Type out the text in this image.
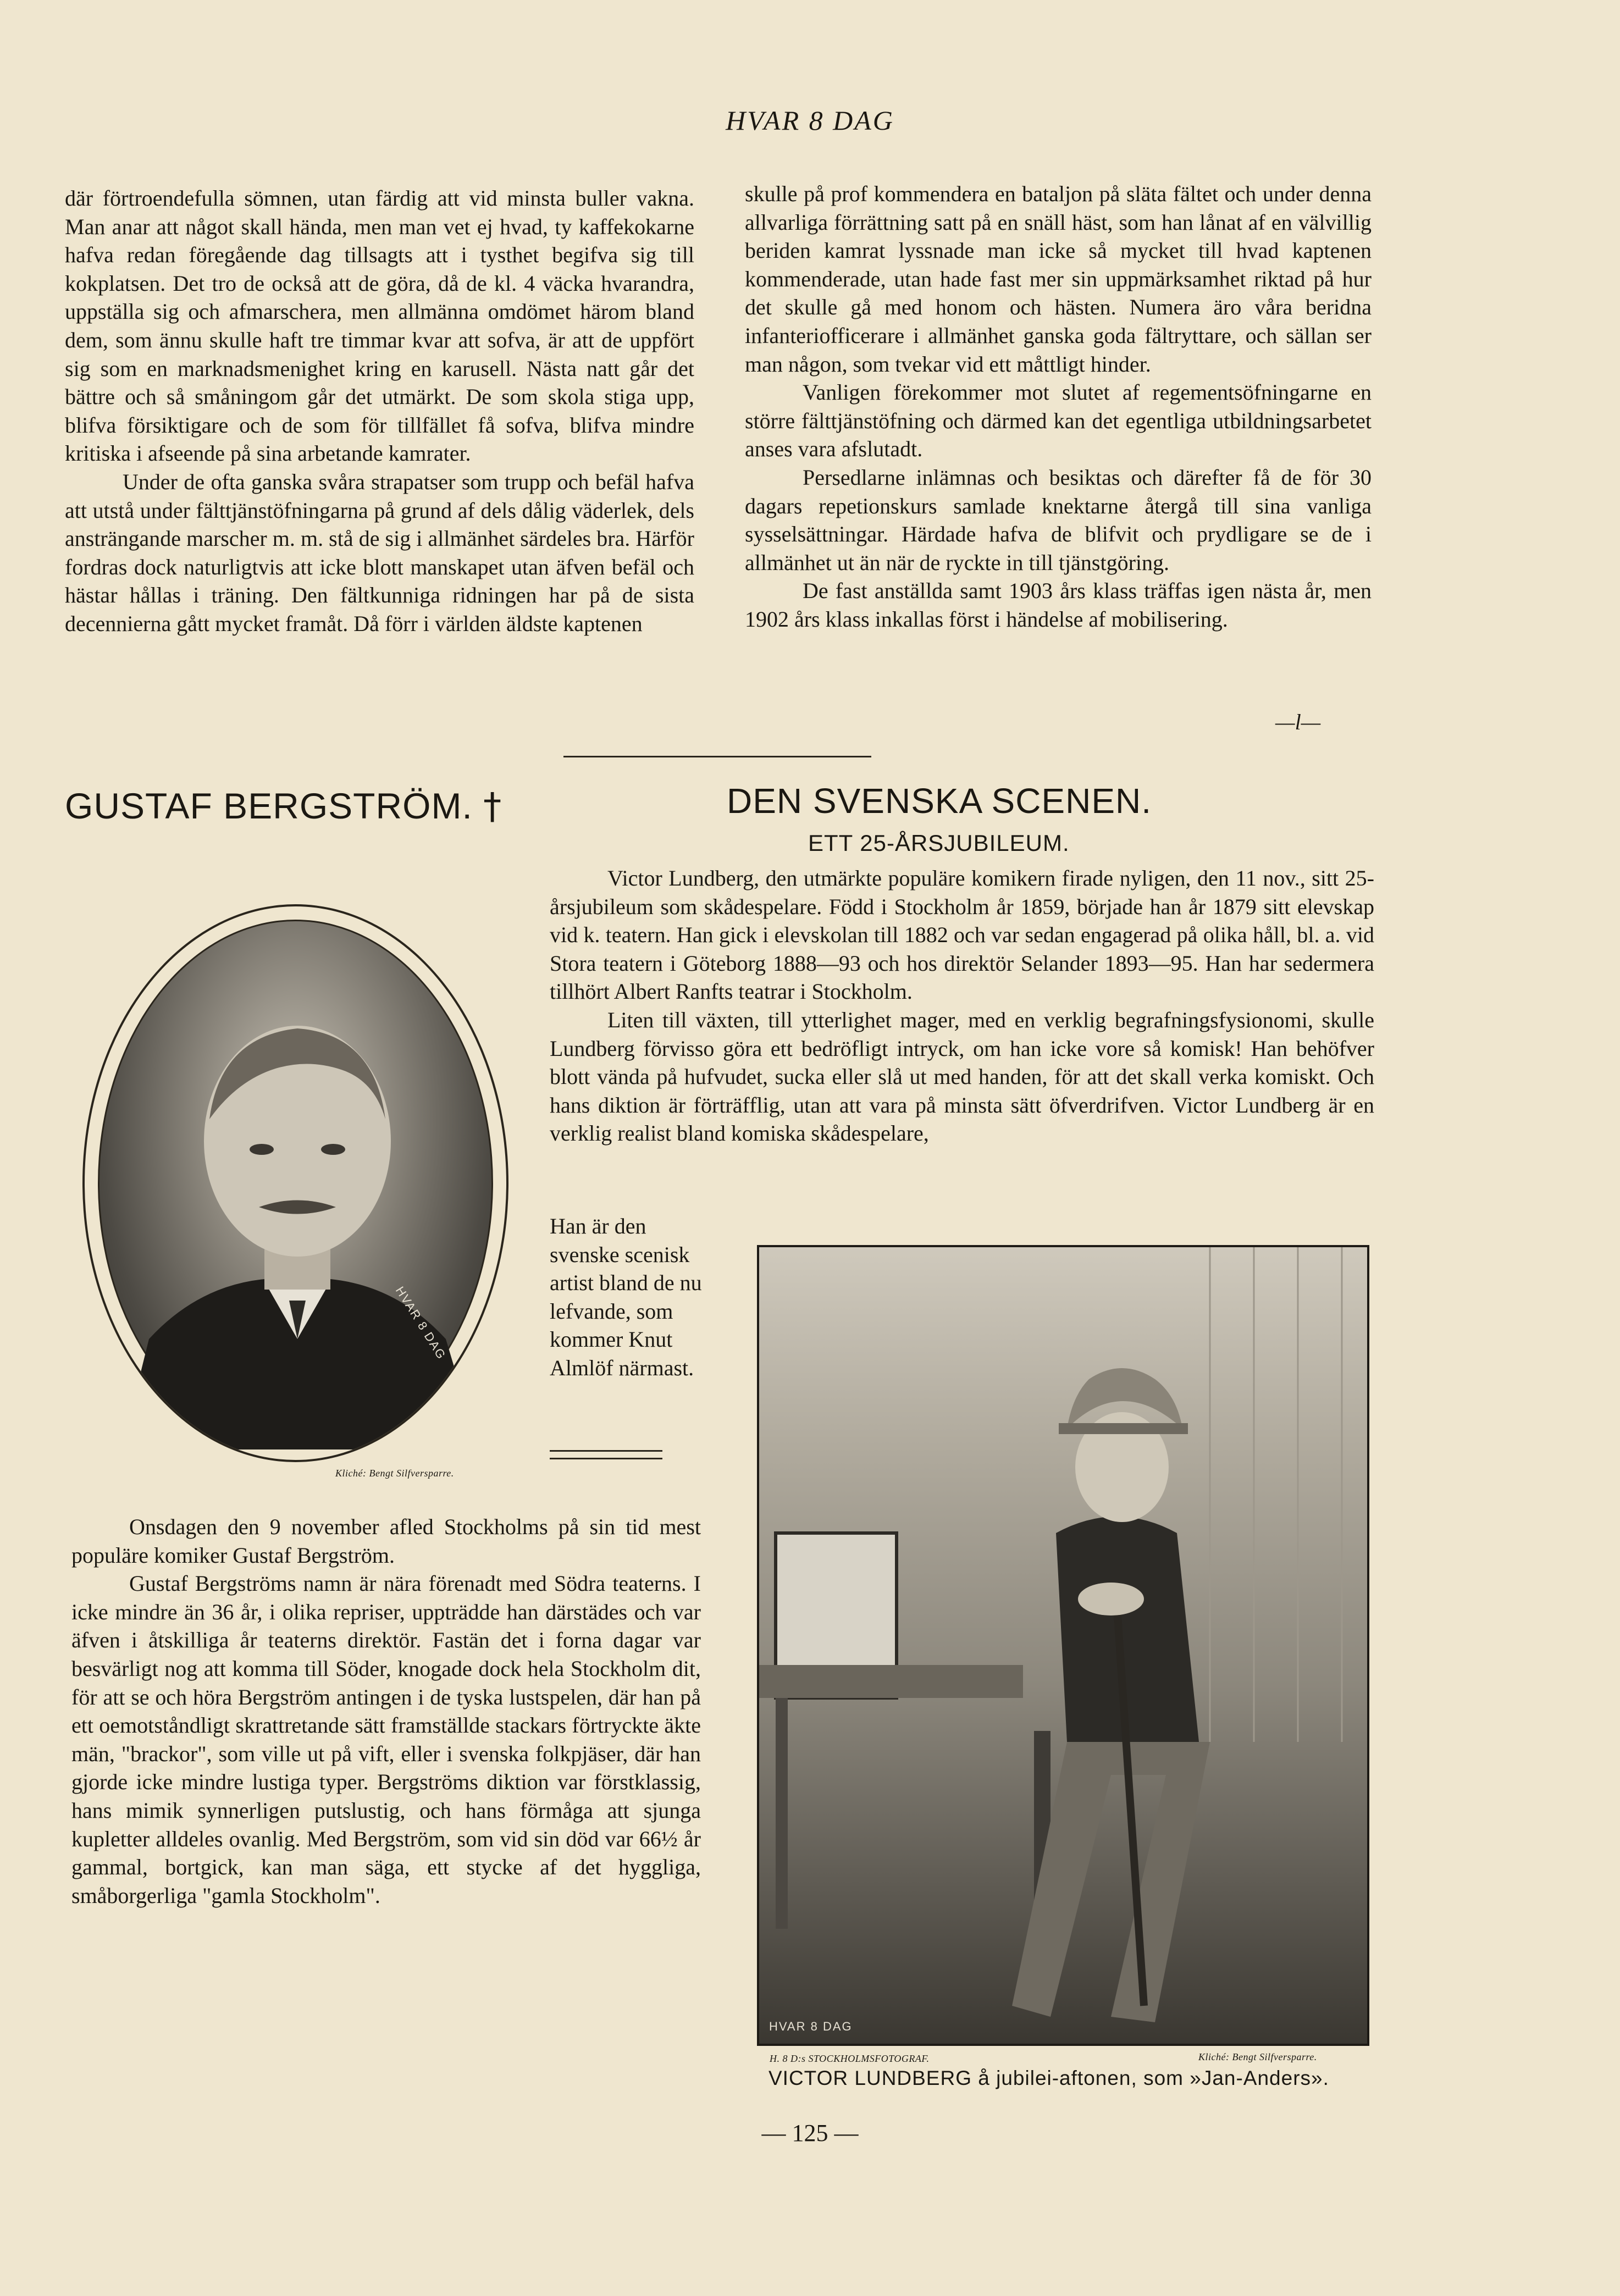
HVAR 8 DAG

där förtroendefulla sömnen, utan färdig att vid minsta buller vakna. Man anar att något skall hända, men man vet ej hvad, ty kaffekokarne hafva redan föregående dag tillsagts att i tysthet begifva sig till kokplatsen. Det tro de också att de göra, då de kl. 4 väcka hvarandra, uppställa sig och afmarschera, men allmänna omdömet härom bland dem, som ännu skulle haft tre timmar kvar att sofva, är att de uppfört sig som en marknadsmenighet kring en karusell. Nästa natt går det bättre och så småningom går det utmärkt. De som skola stiga upp, blifva försiktigare och de som för tillfället få sofva, blifva mindre kritiska i afseende på sina arbetande kamrater.

Under de ofta ganska svåra strapatser som trupp och befäl hafva att utstå under fälttjänstöfningarna på grund af dels dålig väderlek, dels ansträngande marscher m. m. stå de sig i allmänhet särdeles bra. Härför fordras dock naturligtvis att icke blott manskapet utan äfven befäl och hästar hållas i träning. Den fältkunniga ridningen har på de sista decennierna gått mycket framåt. Då förr i världen äldste kaptenen

skulle på prof kommendera en bataljon på släta fältet och under denna allvarliga förrättning satt på en snäll häst, som han lånat af en välvillig beriden kamrat lyssnade man icke så mycket till hvad kaptenen kommenderade, utan hade fast mer sin uppmärksamhet riktad på hur det skulle gå med honom och hästen. Numera äro våra beridna infanteriofficerare i allmänhet ganska goda fältryttare, och sällan ser man någon, som tvekar vid ett måttligt hinder.

Vanligen förekommer mot slutet af regementsöfningarne en större fälttjänstöfning och därmed kan det egentliga utbildningsarbetet anses vara afslutadt.

Persedlarne inlämnas och besiktas och därefter få de för 30 dagars repetionskurs samlade knektarne återgå till sina vanliga sysselsättningar. Härdade hafva de blifvit och prydligare se de i allmänhet ut än när de ryckte in till tjänstgöring.

De fast anställda samt 1903 års klass träffas igen nästa år, men 1902 års klass inkallas först i händelse af mobilisering.

—l—
GUSTAF BERGSTRÖM. †
HVAR 8 DAG
Kliché: Bengt Silfversparre.

Onsdagen den 9 november afled Stockholms på sin tid mest populäre komiker Gustaf Bergström.

Gustaf Bergströms namn är nära förenadt med Södra teaterns. I icke mindre än 36 år, i olika repriser, uppträdde han därstädes och var äfven i åtskilliga år teaterns direktör. Fastän det i forna dagar var besvärligt nog att komma till Söder, knogade dock hela Stockholm dit, för att se och höra Bergström antingen i de tyska lustspelen, där han på ett oemotståndligt skrattretande sätt framställde stackars förtryckte äkte män, "brackor", som ville ut på vift, eller i svenska folkpjäser, där han gjorde icke mindre lustiga typer. Bergströms diktion var förstklassig, hans mimik synnerligen putslustig, och hans förmåga att sjunga kupletter alldeles ovanlig. Med Bergström, som vid sin död var 66½ år gammal, bortgick, kan man säga, ett stycke af det hyggliga, småborgerliga "gamla Stockholm".

DEN SVENSKA SCENEN.
ETT 25-ÅRSJUBILEUM.

Victor Lundberg, den utmärkte populäre komikern firade nyligen, den 11 nov., sitt 25-årsjubileum som skådespelare. Född i Stockholm år 1859, började han år 1879 sitt elevskap vid k. teatern. Han gick i elevskolan till 1882 och var sedan engagerad på olika håll, bl. a. vid Stora teatern i Göteborg 1888—93 och hos direktör Selander 1893—95. Han har sedermera tillhört Albert Ranfts teatrar i Stockholm.

Liten till växten, till ytterlighet mager, med en verklig begrafningsfysionomi, skulle Lundberg förvisso göra ett bedröfligt intryck, om han icke vore så komisk! Han behöfver blott vända på hufvudet, sucka eller slå ut med handen, för att det skall verka komiskt. Och hans diktion är förträfflig, utan att vara på minsta sätt öfverdrifven. Victor Lundberg är en verklig realist bland komiska skådespelare,

Han är den svenske scenisk artist bland de nu lefvande, som kommer Knut Almlöf närmast.

HVAR 8 DAG
H. 8 D:s STOCKHOLMSFOTOGRAF.	Kliché: Bengt Silfversparre.
VICTOR LUNDBERG å jubilei-aftonen, som »Jan-Anders».
— 125 —
